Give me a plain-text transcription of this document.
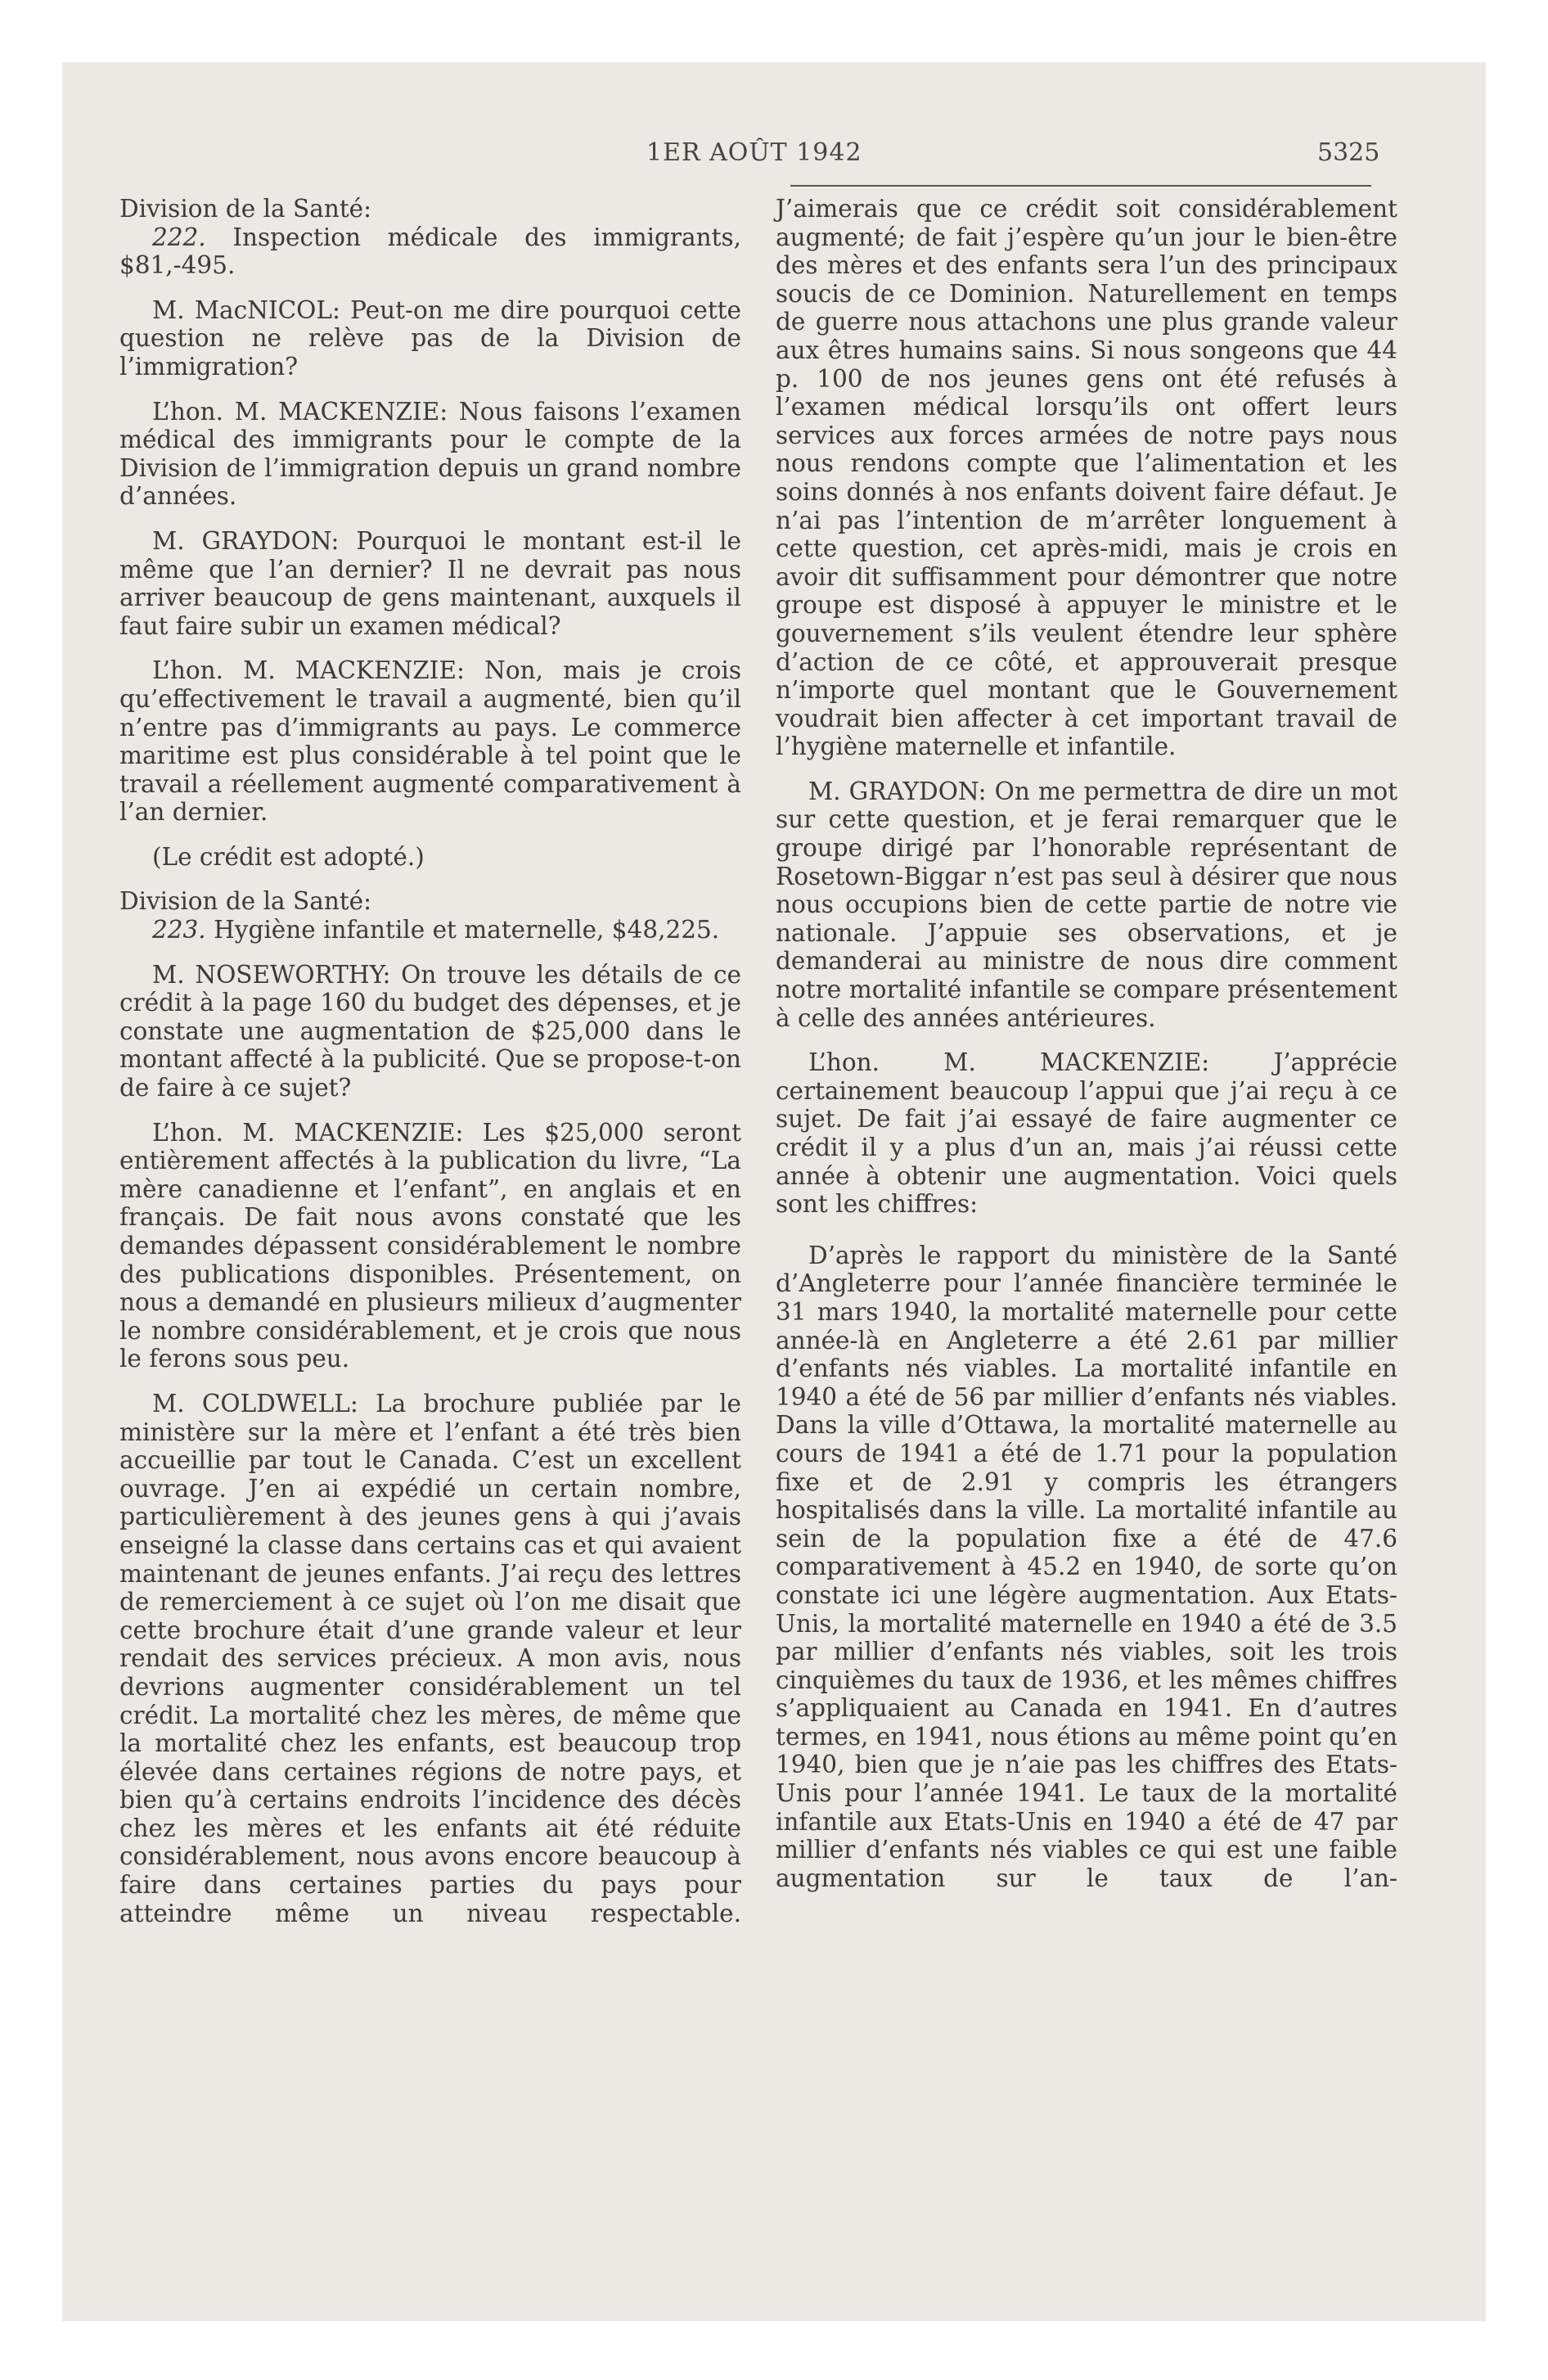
1ER AOÛT 1942	5325

Division de la Santé:

222. Inspection médicale des immigrants, $81,-495.

M. MacNICOL: Peut-on me dire pourquoi cette question ne relève pas de la Division de l’immigration?

L’hon. M. MACKENZIE: Nous faisons l’examen médical des immigrants pour le compte de la Division de l’immigration depuis un grand nombre d’années.

M. GRAYDON: Pourquoi le montant est-il le même que l’an dernier? Il ne devrait pas nous arriver beaucoup de gens maintenant, auxquels il faut faire subir un examen médical?

L’hon. M. MACKENZIE: Non, mais je crois qu’effectivement le travail a augmenté, bien qu’il n’entre pas d’immigrants au pays. Le commerce maritime est plus considérable à tel point que le travail a réellement augmenté comparativement à l’an dernier.

(Le crédit est adopté.)

Division de la Santé:

223. Hygiène infantile et maternelle, $48,225.

M. NOSEWORTHY: On trouve les détails de ce crédit à la page 160 du budget des dépenses, et je constate une augmentation de $25,000 dans le montant affecté à la publicité. Que se propose-t-on de faire à ce sujet?

L’hon. M. MACKENZIE: Les $25,000 seront entièrement affectés à la publication du livre, “La mère canadienne et l’enfant”, en anglais et en français. De fait nous avons constaté que les demandes dépassent considérablement le nombre des publications disponibles. Présentement, on nous a demandé en plusieurs milieux d’augmenter le nombre considérablement, et je crois que nous le ferons sous peu.

M. COLDWELL: La brochure publiée par le ministère sur la mère et l’enfant a été très bien accueillie par tout le Canada. C’est un excellent ouvrage. J’en ai expédié un certain nombre, particulièrement à des jeunes gens à qui j’avais enseigné la classe dans certains cas et qui avaient maintenant de jeunes enfants. J’ai reçu des lettres de remerciement à ce sujet où l’on me disait que cette brochure était d’une grande valeur et leur rendait des services précieux. A mon avis, nous devrions augmenter considérablement un tel crédit. La mortalité chez les mères, de même que la mortalité chez les enfants, est beaucoup trop élevée dans certaines régions de notre pays, et bien qu’à certains endroits l’incidence des décès chez les mères et les enfants ait été réduite considérablement, nous avons encore beaucoup à faire dans certaines parties du pays pour atteindre même un niveau respectable.

J’aimerais que ce crédit soit considérablement augmenté; de fait j’espère qu’un jour le bien-être des mères et des enfants sera l’un des principaux soucis de ce Dominion. Naturellement en temps de guerre nous attachons une plus grande valeur aux êtres humains sains. Si nous songeons que 44 p. 100 de nos jeunes gens ont été refusés à l’examen médical lorsqu’ils ont offert leurs services aux forces armées de notre pays nous nous rendons compte que l’alimentation et les soins donnés à nos enfants doivent faire défaut. Je n’ai pas l’intention de m’arrêter longuement à cette question, cet après-midi, mais je crois en avoir dit suffisamment pour démontrer que notre groupe est disposé à appuyer le ministre et le gouvernement s’ils veulent étendre leur sphère d’action de ce côté, et approuverait presque n’importe quel montant que le Gouvernement voudrait bien affecter à cet important travail de l’hygiène maternelle et infantile.

M. GRAYDON: On me permettra de dire un mot sur cette question, et je ferai remarquer que le groupe dirigé par l’honorable représentant de Rosetown-Biggar n’est pas seul à désirer que nous nous occupions bien de cette partie de notre vie nationale. J’appuie ses observations, et je demanderai au ministre de nous dire comment notre mortalité infantile se compare présentement à celle des années antérieures.

L’hon. M. MACKENZIE: J’apprécie certainement beaucoup l’appui que j’ai reçu à ce sujet. De fait j’ai essayé de faire augmenter ce crédit il y a plus d’un an, mais j’ai réussi cette année à obtenir une augmentation. Voici quels sont les chiffres:

D’après le rapport du ministère de la Santé d’Angleterre pour l’année financière terminée le 31 mars 1940, la mortalité maternelle pour cette année-là en Angleterre a été 2.61 par millier d’enfants nés viables. La mortalité infantile en 1940 a été de 56 par millier d’enfants nés viables. Dans la ville d’Ottawa, la mortalité maternelle au cours de 1941 a été de 1.71 pour la population fixe et de 2.91 y compris les étrangers hospitalisés dans la ville. La mortalité infantile au sein de la population fixe a été de 47.6 comparativement à 45.2 en 1940, de sorte qu’on constate ici une légère augmentation. Aux Etats-Unis, la mortalité maternelle en 1940 a été de 3.5 par millier d’enfants nés viables, soit les trois cinquièmes du taux de 1936, et les mêmes chiffres s’appliquaient au Canada en 1941. En d’autres termes, en 1941, nous étions au même point qu’en 1940, bien que je n’aie pas les chiffres des Etats-Unis pour l’année 1941. Le taux de la mortalité infantile aux Etats-Unis en 1940 a été de 47 par millier d’enfants nés viables ce qui est une faible augmentation sur le taux de l’an-
